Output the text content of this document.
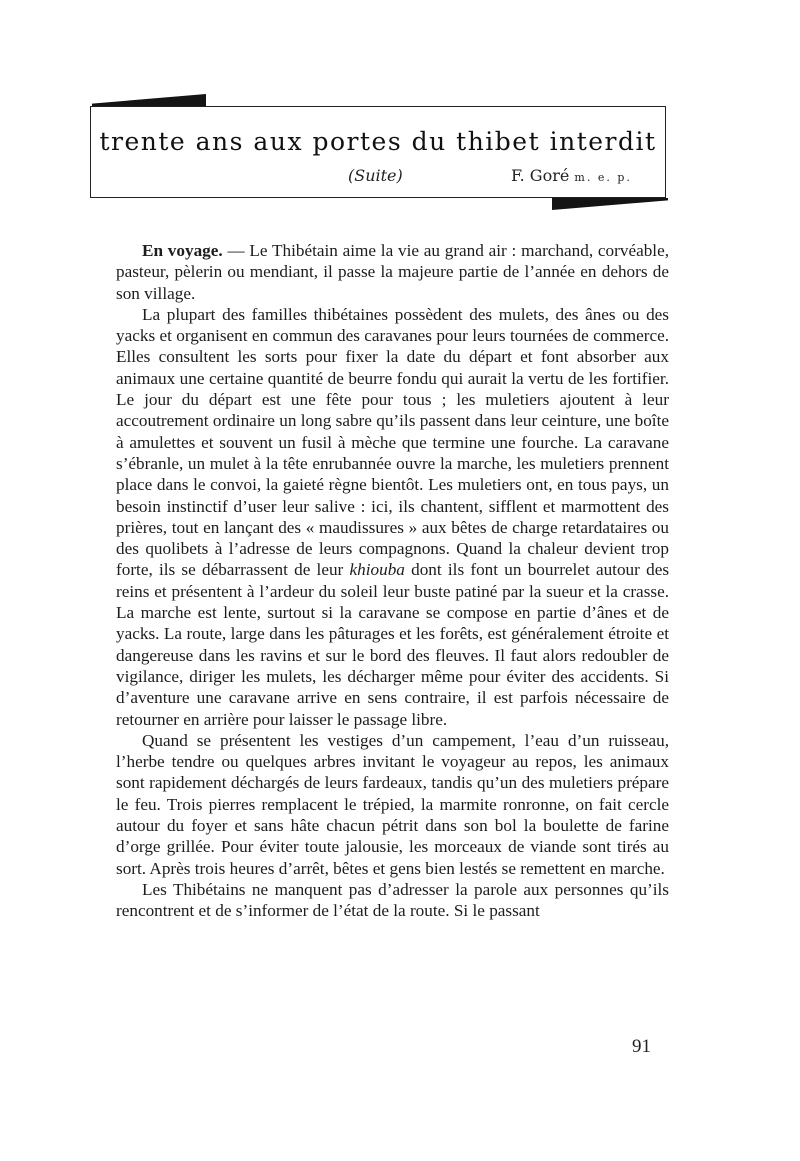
trente ans aux portes du thibet interdit
(Suite)	F. Goré m. e. p.

En voyage. — Le Thibétain aime la vie au grand air : marchand, corvéable, pasteur, pèlerin ou mendiant, il passe la majeure partie de l’année en dehors de son village.

La plupart des familles thibétaines possèdent des mulets, des ânes ou des yacks et organisent en commun des caravanes pour leurs tournées de commerce. Elles consultent les sorts pour fixer la date du départ et font absorber aux animaux une certaine quantité de beurre fondu qui aurait la vertu de les fortifier. Le jour du départ est une fête pour tous ; les muletiers ajoutent à leur accoutrement ordinaire un long sabre qu’ils passent dans leur ceinture, une boîte à amulettes et souvent un fusil à mèche que termine une fourche. La caravane s’ébranle, un mulet à la tête enrubannée ouvre la marche, les muletiers prennent place dans le convoi, la gaieté règne bientôt. Les muletiers ont, en tous pays, un besoin instinctif d’user leur salive : ici, ils chantent, sifflent et marmottent des prières, tout en lançant des « maudissures » aux bêtes de charge retardataires ou des quolibets à l’adresse de leurs compagnons. Quand la chaleur devient trop forte, ils se débarrassent de leur khiouba dont ils font un bourrelet autour des reins et présentent à l’ardeur du soleil leur buste patiné par la sueur et la crasse. La marche est lente, surtout si la caravane se compose en partie d’ânes et de yacks. La route, large dans les pâturages et les forêts, est généralement étroite et dangereuse dans les ravins et sur le bord des fleuves. Il faut alors redoubler de vigilance, diriger les mulets, les décharger même pour éviter des accidents. Si d’aventure une caravane arrive en sens contraire, il est parfois nécessaire de retourner en arrière pour laisser le passage libre.

Quand se présentent les vestiges d’un campement, l’eau d’un ruisseau, l’herbe tendre ou quelques arbres invitant le voyageur au repos, les animaux sont rapidement déchargés de leurs fardeaux, tandis qu’un des muletiers prépare le feu. Trois pierres remplacent le trépied, la marmite ronronne, on fait cercle autour du foyer et sans hâte chacun pétrit dans son bol la boulette de farine d’orge grillée. Pour éviter toute jalousie, les morceaux de viande sont tirés au sort. Après trois heures d’arrêt, bêtes et gens bien lestés se remettent en marche.

Les Thibétains ne manquent pas d’adresser la parole aux personnes qu’ils rencontrent et de s’informer de l’état de la route. Si le passant

91
